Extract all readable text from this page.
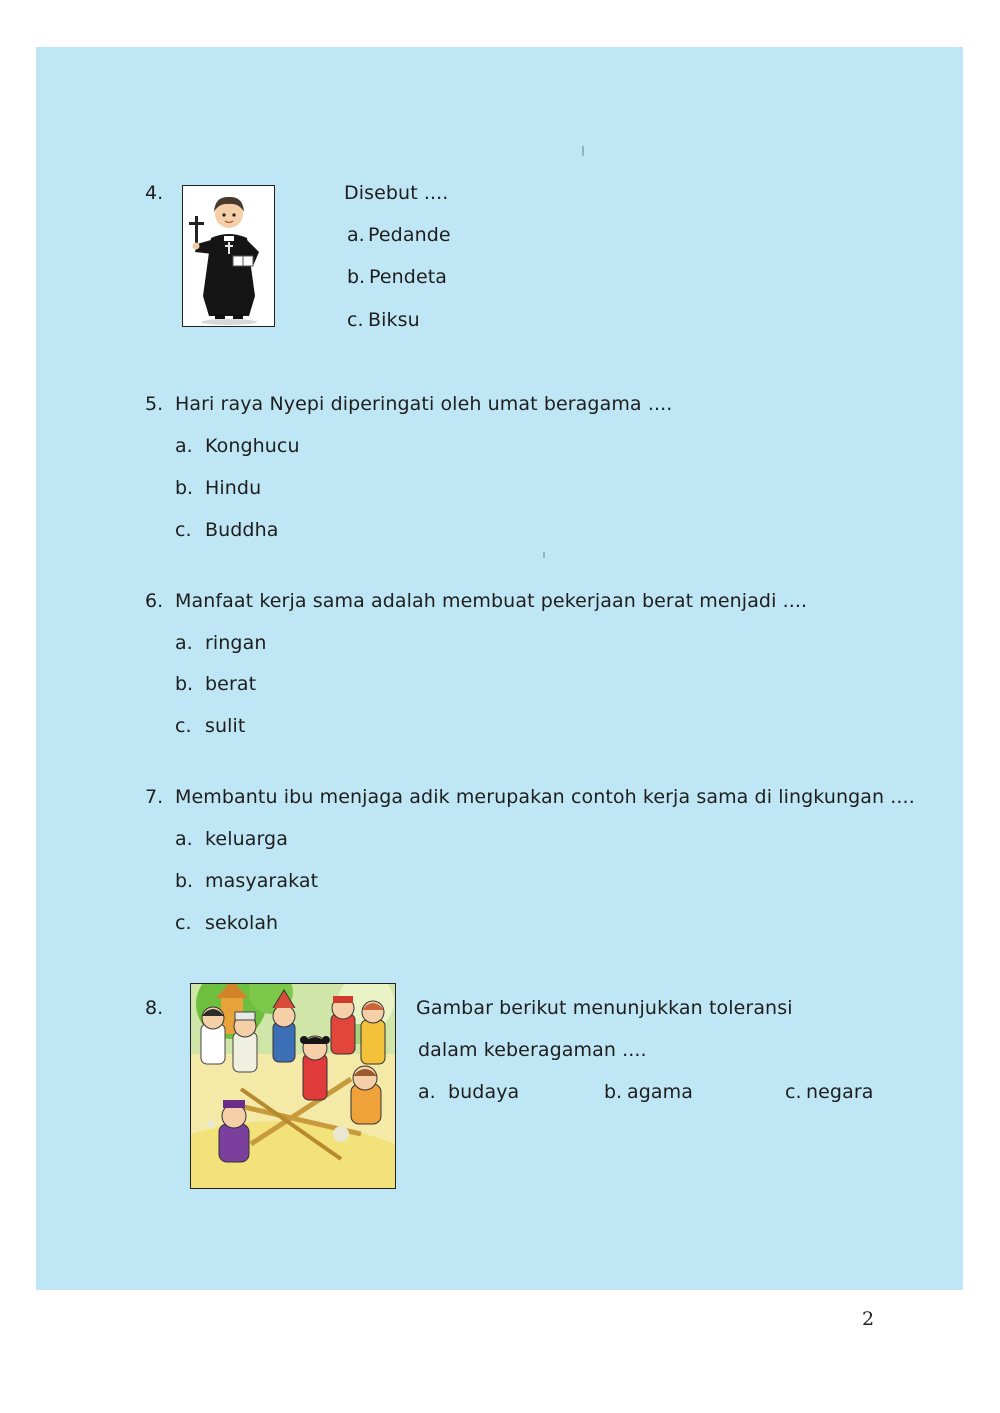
4.	Disebut ....
a. Pedande
b. Pendeta
c. Biksu
5. Hari raya Nyepi diperingati oleh umat beragama ....
a. Konghucu
b. Hindu
c. Buddha
6. Manfaat kerja sama adalah membuat pekerjaan berat menjadi ....
a. ringan
b. berat
c. sulit
7. Membantu ibu menjaga adik merupakan contoh kerja sama di lingkungan ....
a. keluarga
b. masyarakat
c. sekolah
8.	Gambar berikut menunjukkan toleransi
dalam keberagaman ....
a. budaya	b. agama	c. negara
2
